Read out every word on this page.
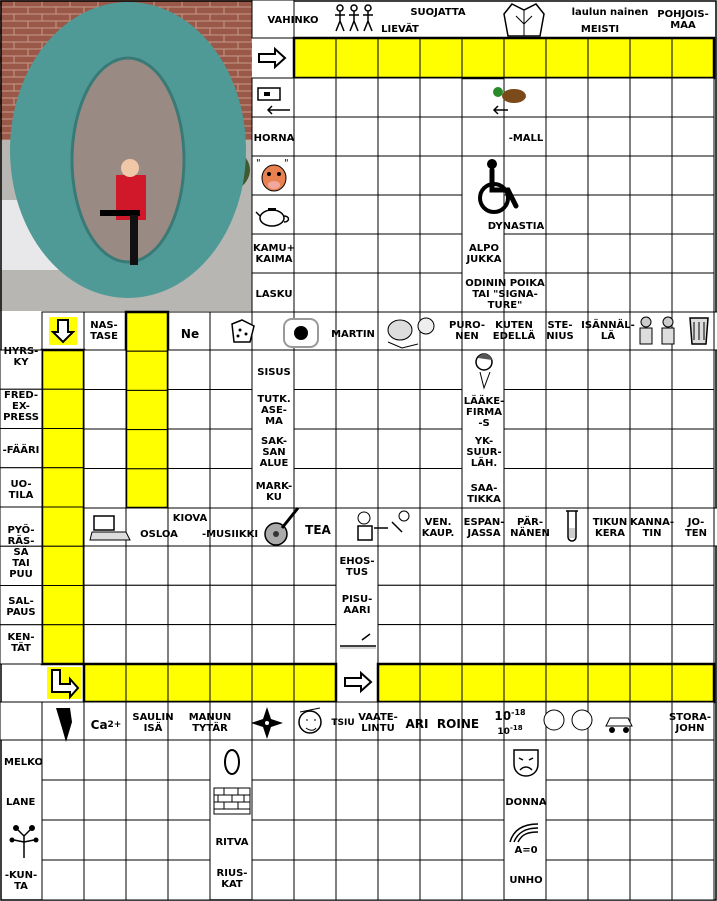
VAHINKO
SUOJATTA
LIEVÄT
laulun nainen
MEISTI
POHJOIS-
MAA
HORNA	-MALL
DYNASTIA
KAMU+
KAIMA
ALPO
JUKKA
LASKU
ODININ POIKA
TAI "SIGNA-
TURE"
NAS-
TASE	Ne	MARTIN
PURO-
NEN
KUTEN
EDELLÄ
STE-
NIUS
ISÄNNÄL-
LÄ
HYRS-
KY
SISUS
FRED-
EX-
PRESS
TUTK.
ASE-
MA
LÄÄKE-
FIRMA
-S
-FÄÄRI
SAK-
SAN
ALUE
YK-
SUUR-
LÄH.
UO-
TILA
MARK-
KU
SAA-
TIKKA
KIOVA
OSLOA	-MUSIIKKI	TEA	VEN.
KAUP.
ESPAN-
JASSA
PÄR-
NÄNEN
TIKUN
KERA
KANNA-
TIN
JO-
TEN
PYÖ-
RÄS-
SÄ
TAI
PUU
EHOS-
TUS
SAL-
PAUS
PISU-
AARI
KEN-
TÄT
Ca 2+
SAULIN
ISÄ
MANUN
TYTÄR
TSIU VAATE-
LINTU ARI ROINE
$10^{-18}$
$10^{-18}$
STORA-
JOHN
MELKO
LANE	DONNA
RITVA
A=0
-KUN-
TA
RIUS-
KAT	UNHO
" "
